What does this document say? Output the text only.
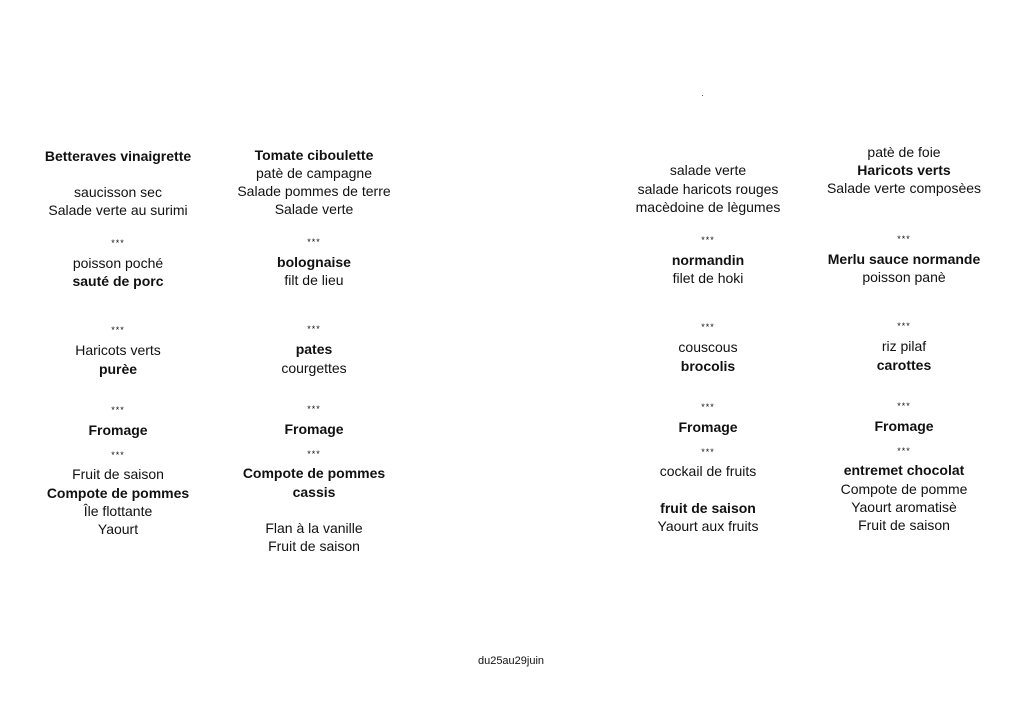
Betteraves vinaigrette
saucisson sec
Salade verte au surimi
***
poisson poché
sauté de porc
***
Haricots verts
purèe
***
Fromage
***
Fruit de saison
Compote de pommes
Île flottante
Yaourt
Tomate ciboulette
patè de campagne
Salade pommes de terre
Salade verte
***
bolognaise
filt de lieu
***
pates
courgettes
***
Fromage
***
Compote de pommes
cassis
Flan à la vanille
Fruit de saison
salade verte
salade haricots rouges
macèdoine de lègumes
***
normandin
filet de hoki
***
couscous
brocolis
***
Fromage
***
cockail de fruits
fruit de saison
Yaourt aux fruits
patè de foie
Haricots verts
Salade verte composèes
***
Merlu sauce normande
poisson panè
***
riz pilaf
carottes
***
Fromage
***
entremet chocolat
Compote de pomme
Yaourt aromatisè
Fruit de saison
du25au29juin
